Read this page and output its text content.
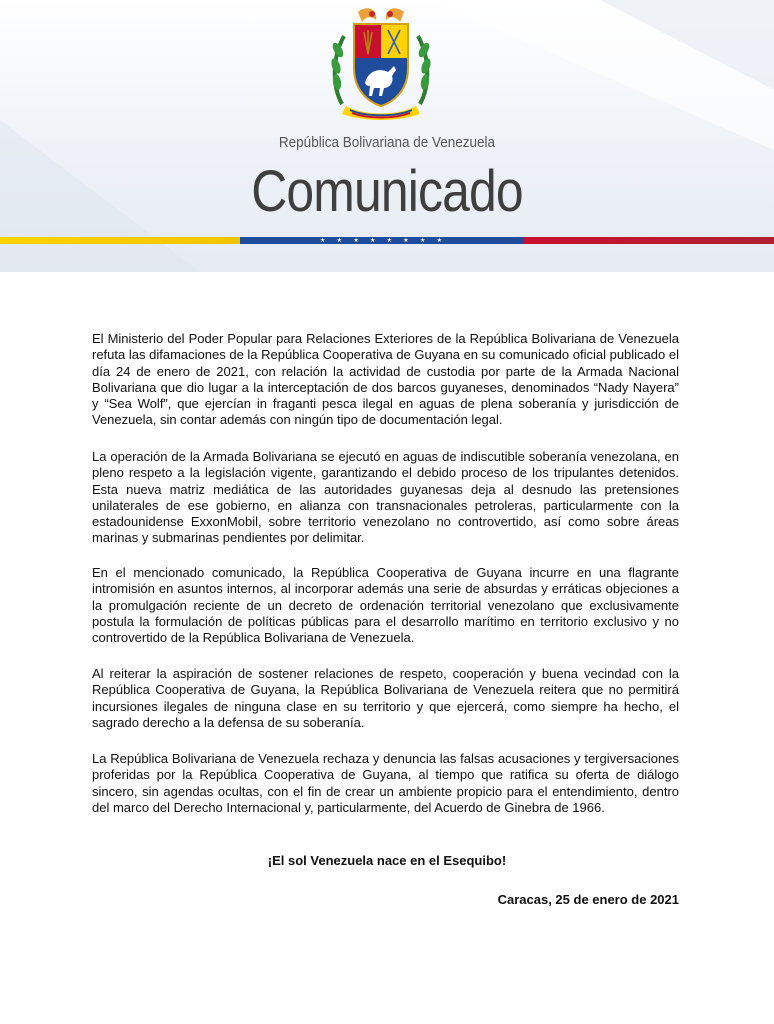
República Bolivariana de Venezuela
Comunicado
★ ★ ★ ★ ★ ★ ★ ★

El Ministerio del Poder Popular para Relaciones Exteriores de la República Bolivariana de Venezuela refuta las difamaciones de la República Cooperativa de Guyana en su comunicado oficial publicado el día 24 de enero de 2021, con relación la actividad de custodia por parte de la Armada Nacional Bolivariana que dio lugar a la interceptación de dos barcos guyaneses, denominados “Nady Nayera” y “Sea Wolf”, que ejercían in fraganti pesca ilegal en aguas de plena soberanía y jurisdicción de Venezuela, sin contar además con ningún tipo de documentación legal.

La operación de la Armada Bolivariana se ejecutó en aguas de indiscutible soberanía venezolana, en pleno respeto a la legislación vigente, garantizando el debido proceso de los tripulantes detenidos. Esta nueva matriz mediática de las autoridades guyanesas deja al desnudo las pretensiones unilaterales de ese gobierno, en alianza con transnacionales petroleras, particularmente con la estadounidense ExxonMobil, sobre territorio venezolano no controvertido, así como sobre áreas marinas y submarinas pendientes por delimitar.

En el mencionado comunicado, la República Cooperativa de Guyana incurre en una flagrante intromisión en asuntos internos, al incorporar además una serie de absurdas y erráticas objeciones a la promulgación reciente de un decreto de ordenación territorial venezolano que exclusivamente postula la formulación de políticas públicas para el desarrollo marítimo en territorio exclusivo y no controvertido de la República Bolivariana de Venezuela.

Al reiterar la aspiración de sostener relaciones de respeto, cooperación y buena vecindad con la República Cooperativa de Guyana, la República Bolivariana de Venezuela reitera que no permitirá incursiones ilegales de ninguna clase en su territorio y que ejercerá, como siempre ha hecho, el sagrado derecho a la defensa de su soberanía.

La República Bolivariana de Venezuela rechaza y denuncia las falsas acusaciones y tergiversaciones proferidas por la República Cooperativa de Guyana, al tiempo que ratifica su oferta de diálogo sincero, sin agendas ocultas, con el fin de crear un ambiente propicio para el entendimiento, dentro del marco del Derecho Internacional y, particularmente, del Acuerdo de Ginebra de 1966.

¡El sol Venezuela nace en el Esequibo!
Caracas, 25 de enero de 2021
